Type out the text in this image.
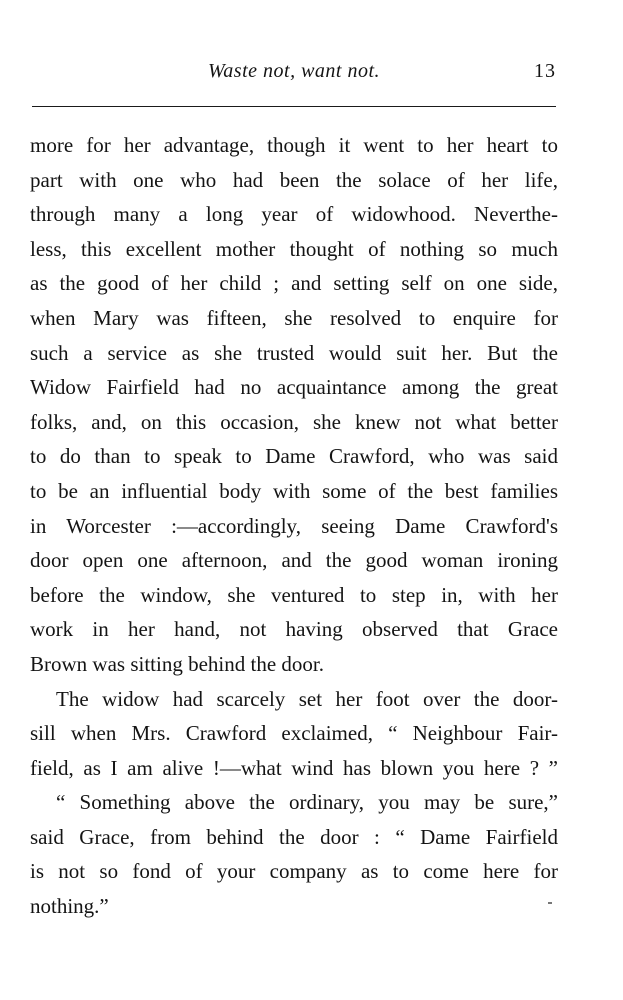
Waste not, want not.	13
more for her advantage, though it went to her heart to
part with one who had been the solace of her life,
through many a long year of widowhood. Neverthe-
less, this excellent mother thought of nothing so much
as the good of her child ; and setting self on one side,
when Mary was fifteen, she resolved to enquire for
such a service as she trusted would suit her. But the
Widow Fairfield had no acquaintance among the great
folks, and, on this occasion, she knew not what better
to do than to speak to Dame Crawford, who was said
to be an influential body with some of the best families
in Worcester :—accordingly, seeing Dame Crawford's
door open one afternoon, and the good woman ironing
before the window, she ventured to step in, with her
work in her hand, not having observed that Grace
Brown was sitting behind the door.
The widow had scarcely set her foot over the door-
sill when Mrs. Crawford exclaimed, “ Neighbour Fair-
field, as I am alive !—what wind has blown you here ? ”
“ Something above the ordinary, you may be sure,”
said Grace, from behind the door : “ Dame Fairfield
is not so fond of your company as to come here for
nothing.”
